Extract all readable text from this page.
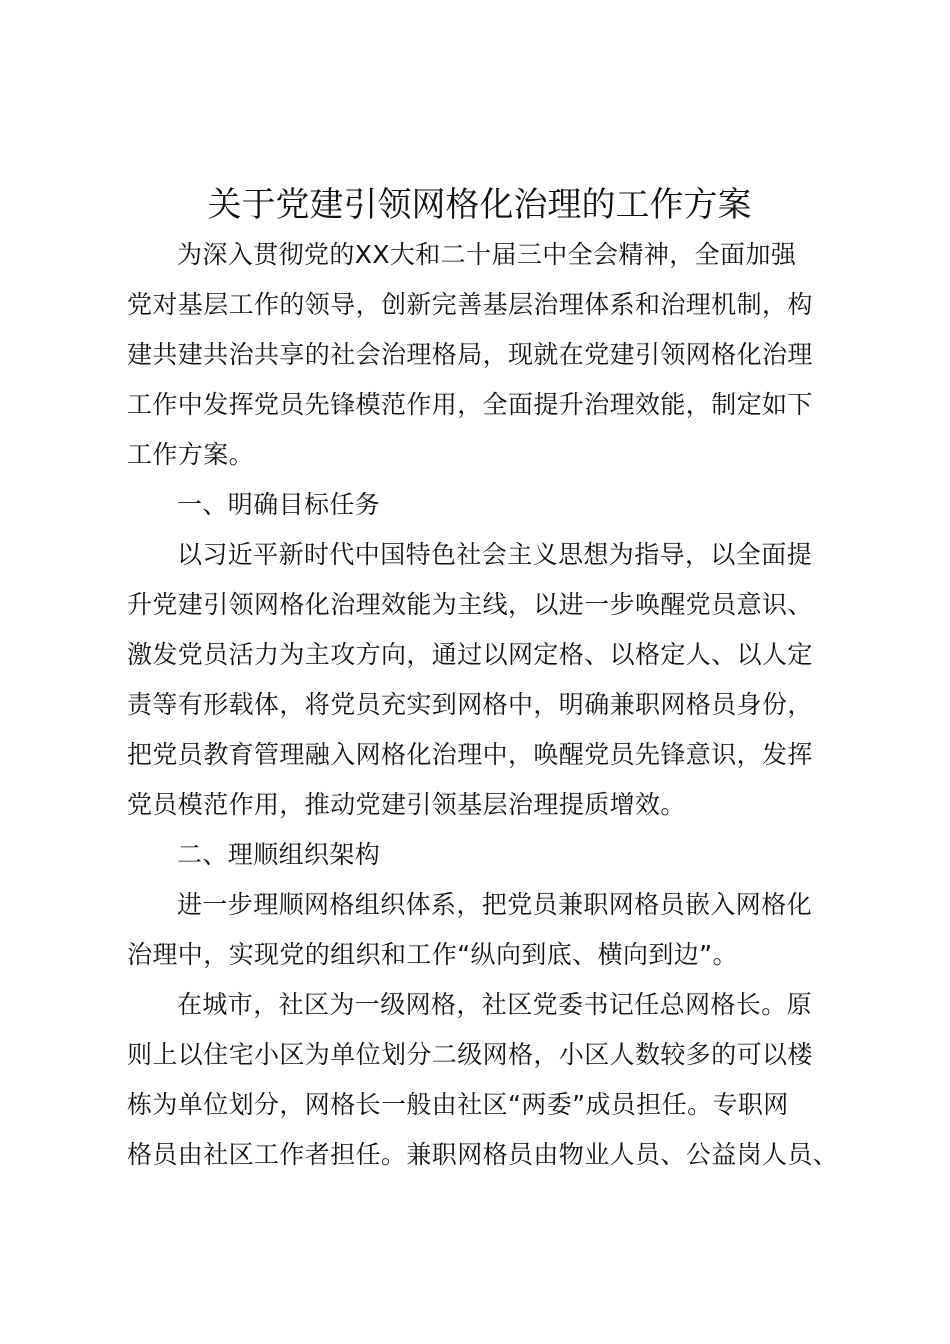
关于党建引领网格化治理的工作方案
为深入贯彻党的XX大和二十届三中全会精神，全面加强
党对基层工作的领导，创新完善基层治理体系和治理机制，构
建共建共治共享的社会治理格局，现就在党建引领网格化治理
工作中发挥党员先锋模范作用，全面提升治理效能，制定如下
工作方案。
一、明确目标任务
以习近平新时代中国特色社会主义思想为指导，以全面提
升党建引领网格化治理效能为主线，以进一步唤醒党员意识、
激发党员活力为主攻方向，通过以网定格、以格定人、以人定
责等有形载体，将党员充实到网格中，明确兼职网格员身份，
把党员教育管理融入网格化治理中，唤醒党员先锋意识，发挥
党员模范作用，推动党建引领基层治理提质增效。
二、理顺组织架构
进一步理顺网格组织体系，把党员兼职网格员嵌入网格化
治理中，实现党的组织和工作“纵向到底、横向到边”。
在城市，社区为一级网格，社区党委书记任总网格长。原
则上以住宅小区为单位划分二级网格，小区人数较多的可以楼
栋为单位划分，网格长一般由社区“两委”成员担任。专职网
格员由社区工作者担任。兼职网格员由物业人员、公益岗人员、
